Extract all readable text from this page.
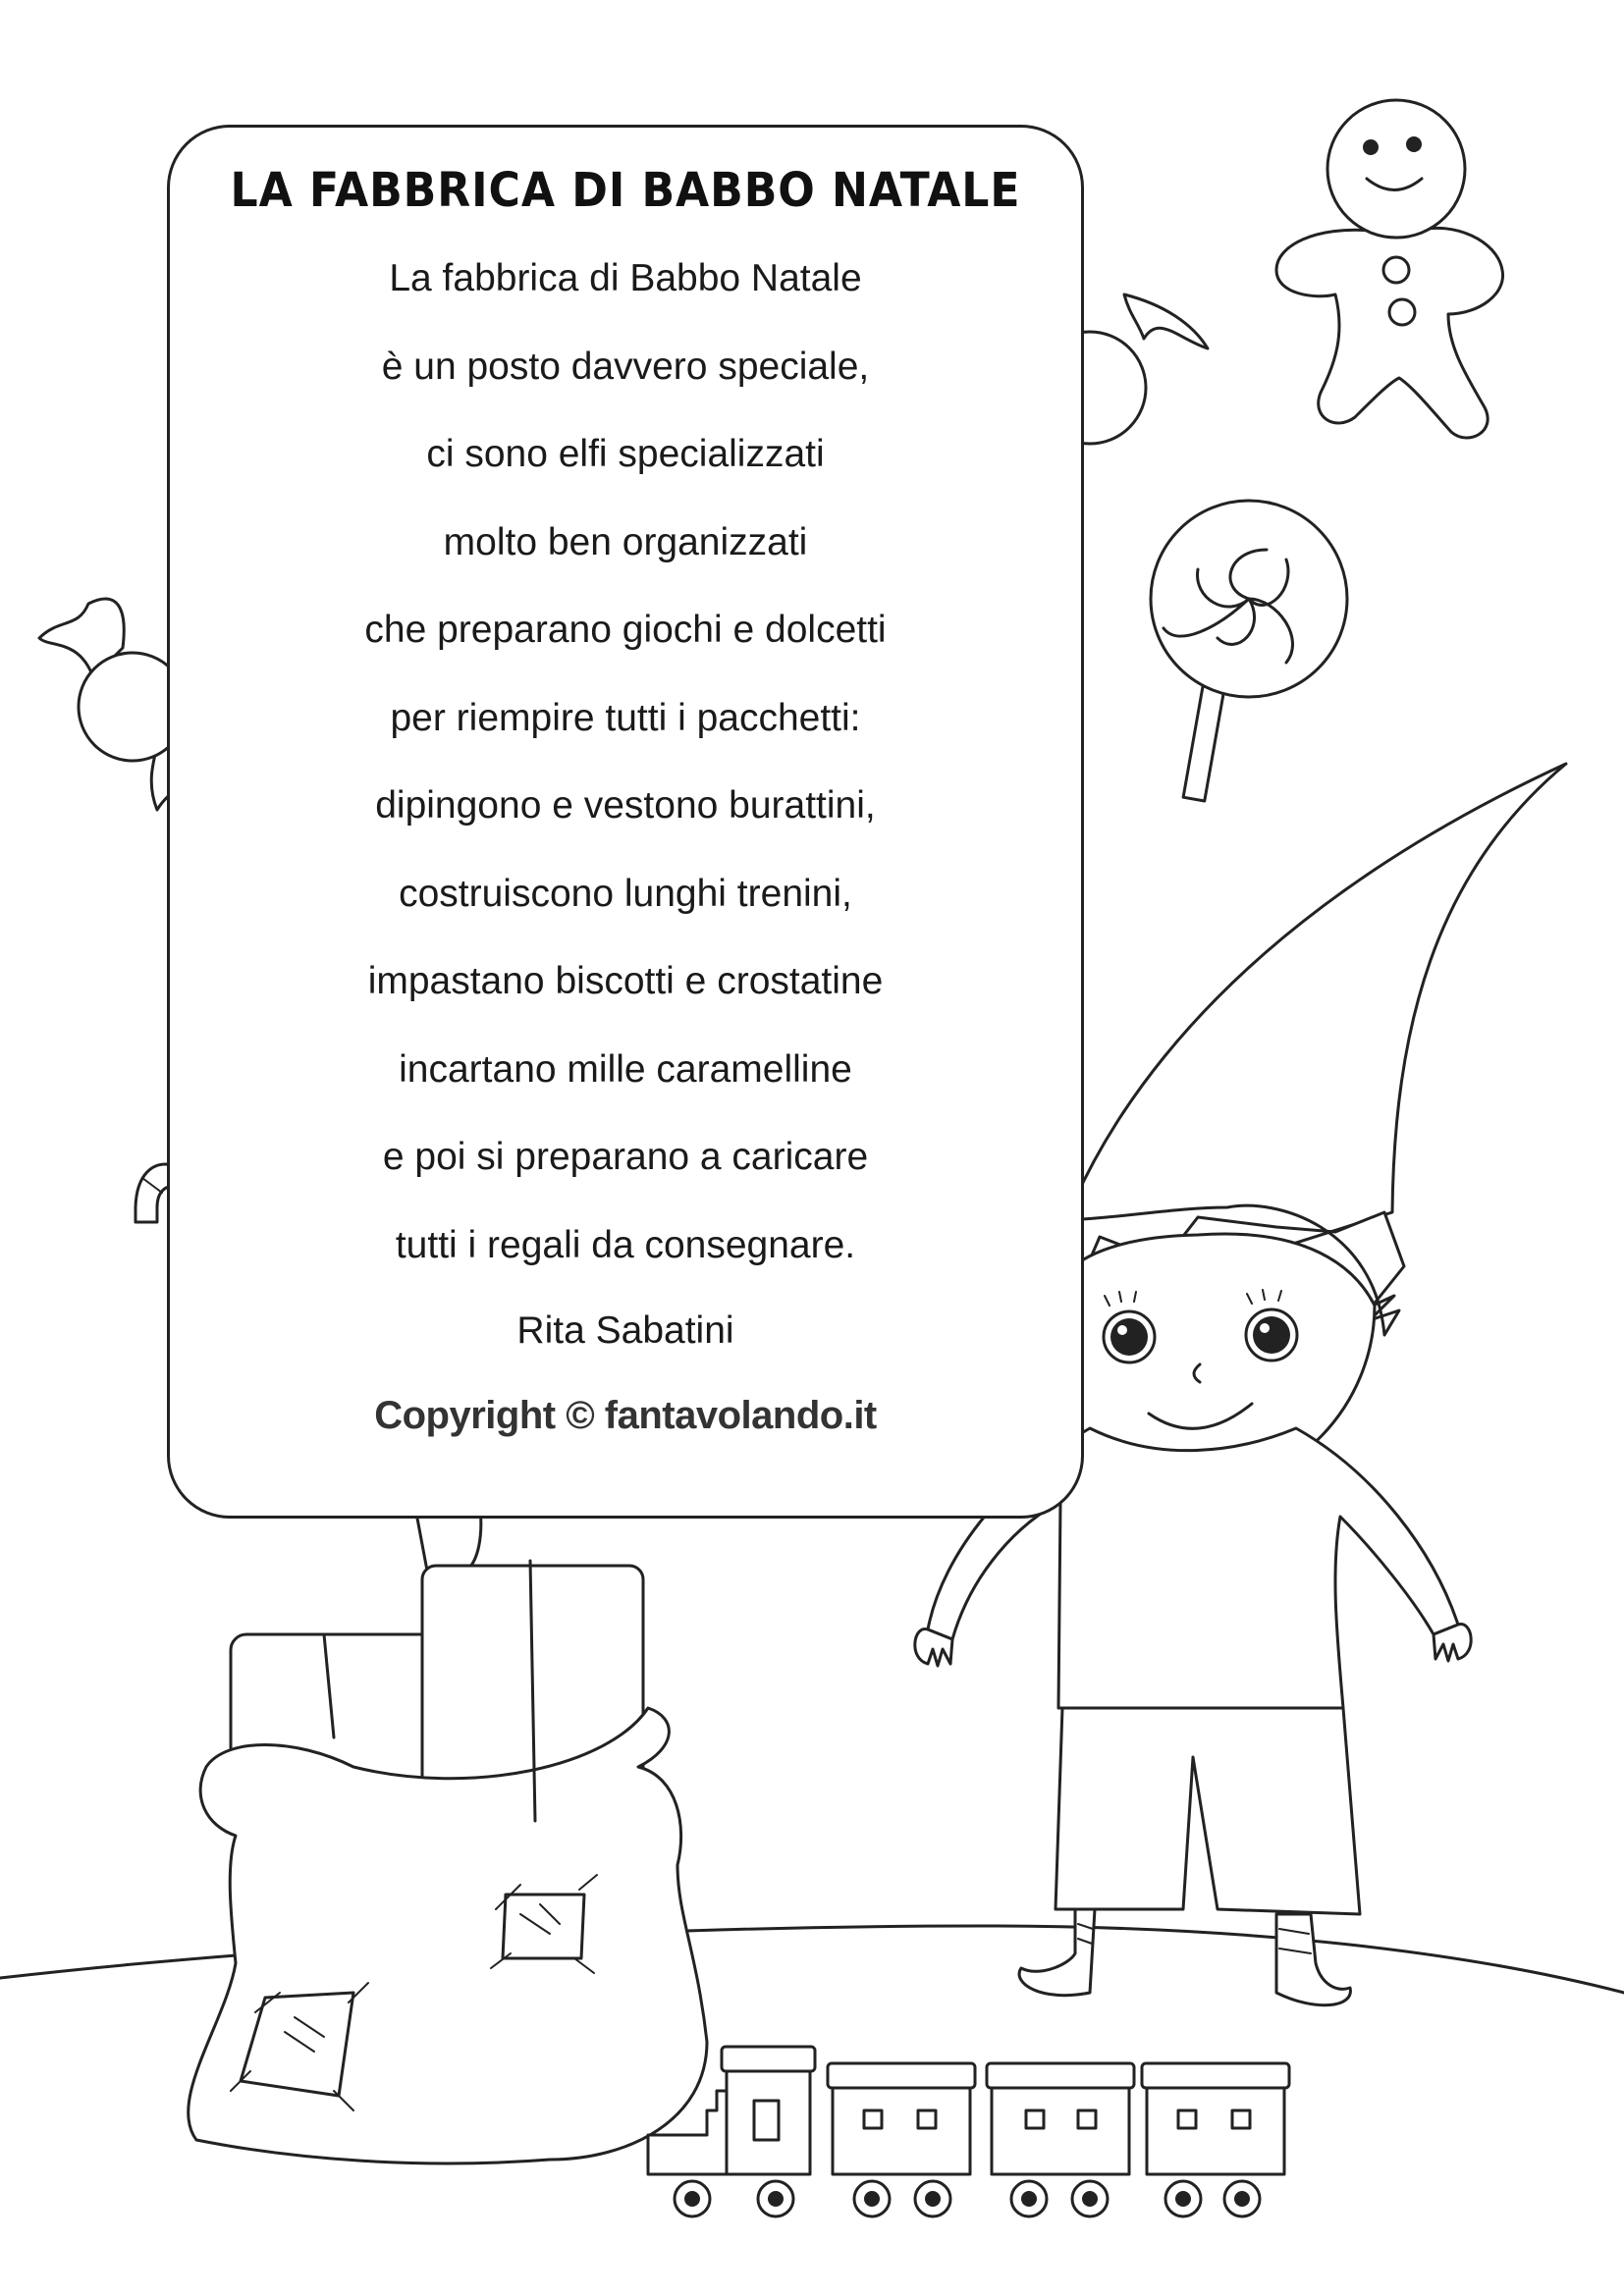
LA FABBRICA DI BABBO NATALE
La fabbrica di Babbo Natale
è un posto davvero speciale,
ci sono elfi specializzati
molto ben organizzati
che preparano giochi e dolcetti
per riempire tutti i pacchetti:
dipingono e vestono burattini,
costruiscono lunghi trenini,
impastano biscotti e crostatine
incartano mille caramelline
e poi si preparano a caricare
tutti i regali da consegnare.
Rita Sabatini
Copyright © fantavolando.it
